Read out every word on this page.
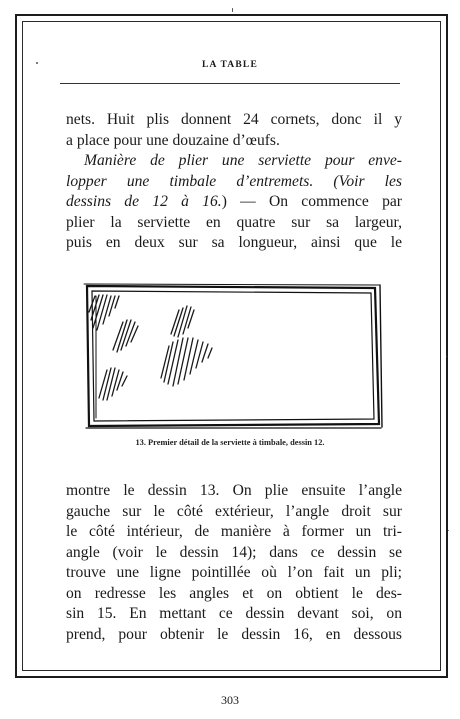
LA TABLE

nets. Huit plis donnent 24 cornets, donc il y
a place pour une douzaine d’œufs.
Manière de plier une serviette pour enve-
lopper une timbale d’entremets. (Voir les
dessins de 12 à 16.) — On commence par
plier la serviette en quatre sur sa largeur,
puis en deux sur sa longueur, ainsi que le

13. Premier détail de la serviette à timbale, dessin 12.

montre le dessin 13. On plie ensuite l’angle
gauche sur le côté extérieur, l’angle droit sur
le côté intérieur, de manière à former un tri-
angle (voir le dessin 14); dans ce dessin se
trouve une ligne pointillée où l’on fait un pli;
on redresse les angles et on obtient le des-
sin 15. En mettant ce dessin devant soi, on
prend, pour obtenir le dessin 16, en dessous

303
